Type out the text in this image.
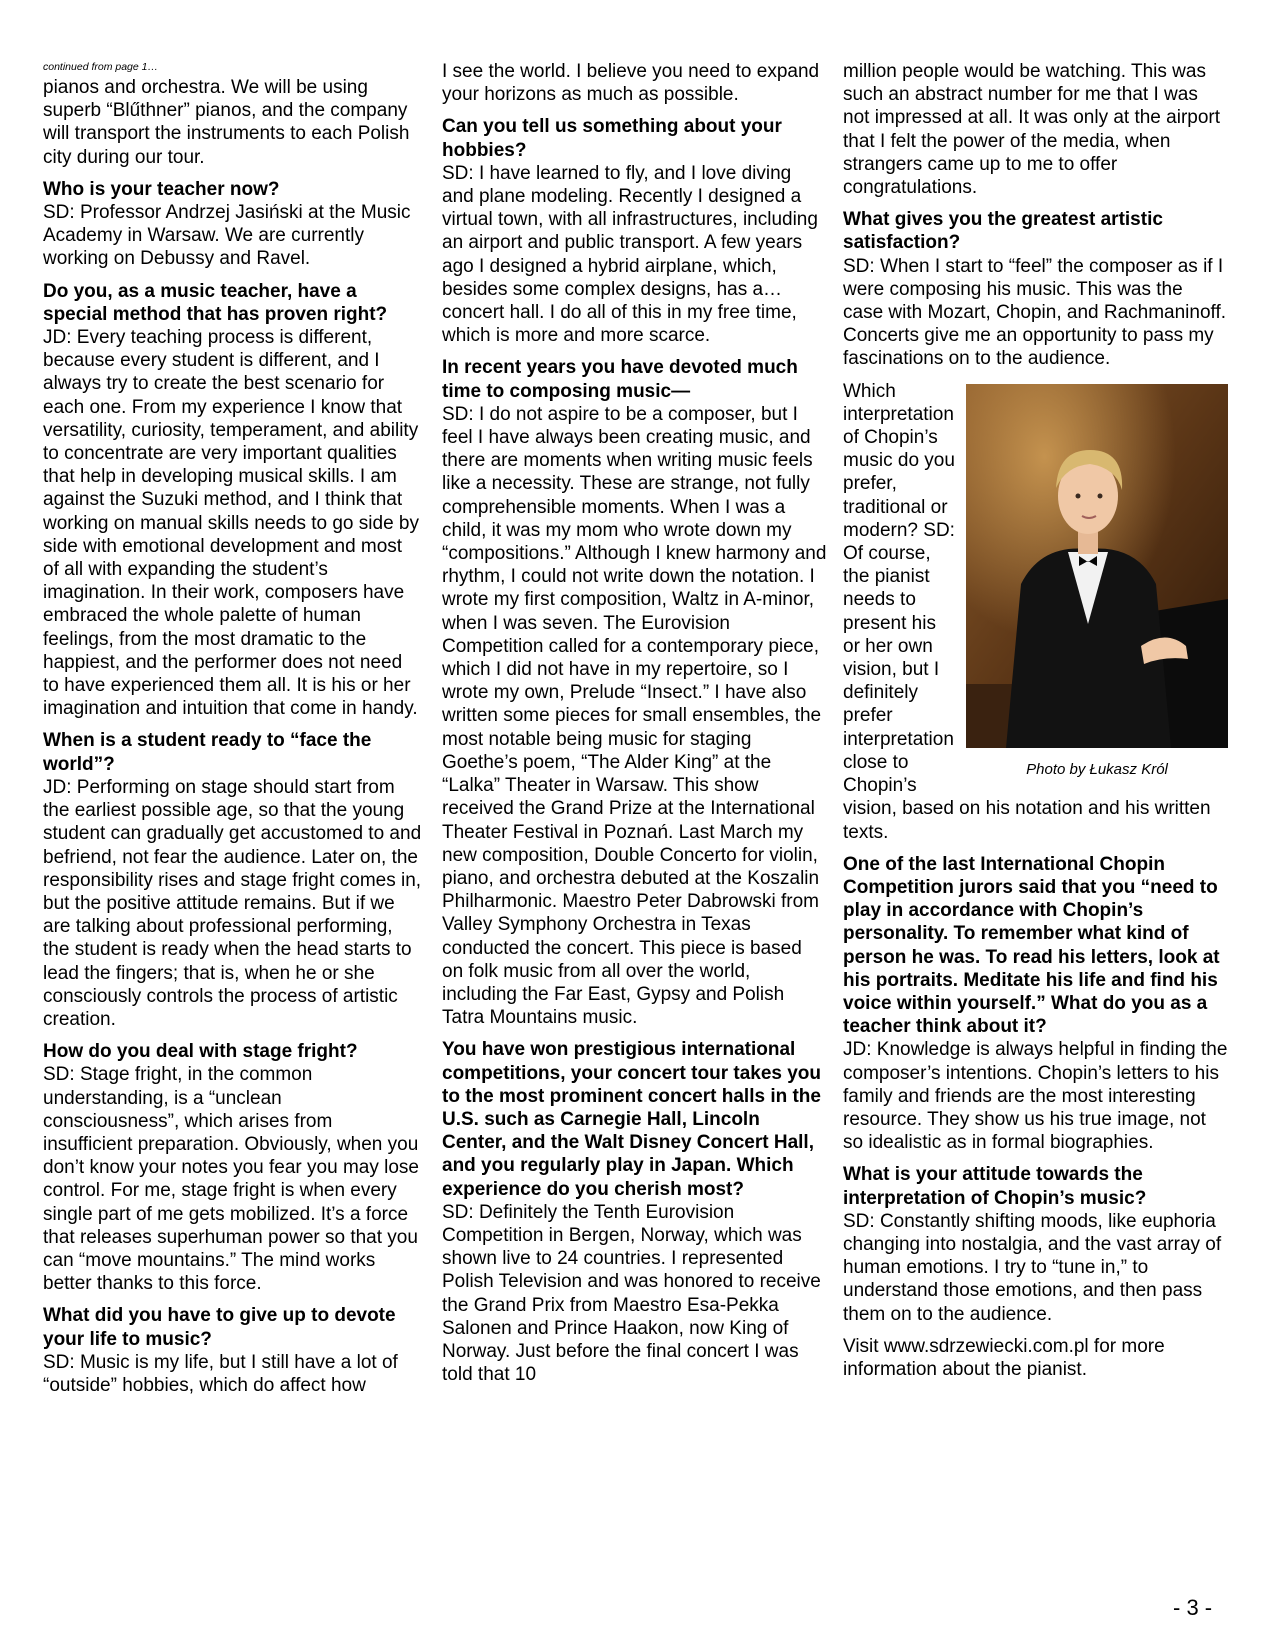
continued from page 1…
pianos and orchestra. We will be using superb “Blűthner” pianos, and the company will transport the instruments to each Polish city during our tour.
Who is your teacher now?
SD: Professor Andrzej Jasiński at the Music Academy in Warsaw. We are currently working on Debussy and Ravel.
Do you, as a music teacher, have a special method that has proven right?
JD: Every teaching process is different, because every student is different, and I always try to create the best scenario for each one. From my experience I know that versatility, curiosity, temperament, and ability to concentrate are very important qualities that help in developing musical skills. I am against the Suzuki method, and I think that working on manual skills needs to go side by side with emotional development and most of all with expanding the student’s imagination. In their work, composers have embraced the whole palette of human feelings, from the most dramatic to the happiest, and the performer does not need to have experienced them all. It is his or her imagination and intuition that come in handy.
When is a student ready to “face the world”?
JD: Performing on stage should start from the earliest possible age, so that the young student can gradually get accustomed to and befriend, not fear the audience. Later on, the responsibility rises and stage fright comes in, but the positive attitude remains. But if we are talking about professional performing, the student is ready when the head starts to lead the fingers; that is, when he or she consciously controls the process of artistic creation.
How do you deal with stage fright?
SD: Stage fright, in the common understanding, is a “unclean consciousness”, which arises from insufficient preparation. Obviously, when you don’t know your notes you fear you may lose control. For me, stage fright is when every single part of me gets mobilized. It’s a force that releases superhuman power so that you can “move mountains.” The mind works better thanks to this force.
What did you have to give up to devote your life to music?
SD: Music is my life, but I still have a lot of “outside” hobbies, which do affect how
I see the world. I believe you need to expand your horizons as much as possible.
Can you tell us something about your hobbies?
SD: I have learned to fly, and I love diving and plane modeling. Recently I designed a virtual town, with all infrastructures, including an airport and public transport. A few years ago I designed a hybrid airplane, which, besides some complex designs, has a… concert hall. I do all of this in my free time, which is more and more scarce.
In recent years you have devoted much time to composing music—
SD: I do not aspire to be a composer, but I feel I have always been creating music, and there are moments when writing music feels like a necessity. These are strange, not fully comprehensible moments. When I was a child, it was my mom who wrote down my “compositions.” Although I knew harmony and rhythm, I could not write down the notation. I wrote my first composition, Waltz in A-minor, when I was seven. The Eurovision Competition called for a contemporary piece, which I did not have in my repertoire, so I wrote my own, Prelude “Insect.” I have also written some pieces for small ensembles, the most notable being music for staging Goethe’s poem, “The Alder King” at the “Lalka” Theater in Warsaw. This show received the Grand Prize at the International Theater Festival in Poznań. Last March my new composition, Double Concerto for violin, piano, and orchestra debuted at the Koszalin Philharmonic. Maestro Peter Dabrowski from Valley Symphony Orchestra in Texas conducted the concert. This piece is based on folk music from all over the world, including the Far East, Gypsy and Polish Tatra Mountains music.
You have won prestigious international competitions, your concert tour takes you to the most prominent concert halls in the U.S. such as Carnegie Hall, Lincoln Center, and the Walt Disney Concert Hall, and you regularly play in Japan. Which experience do you cherish most?
SD: Definitely the Tenth Eurovision Competition in Bergen, Norway, which was shown live to 24 countries. I represented Polish Television and was honored to receive the Grand Prix from Maestro Esa-Pekka Salonen and Prince Haakon, now King of Norway. Just before the final concert I was told that 10
million people would be watching. This was such an abstract number for me that I was not impressed at all. It was only at the airport that I felt the power of the media, when strangers came up to me to offer congratulations.
What gives you the greatest artistic satisfaction?
SD: When I start to “feel” the composer as if I were composing his music. This was the case with Mozart, Chopin, and Rachmaninoff. Concerts give me an opportunity to pass my fascinations on to the audience.
Photo by Łukasz Król
Which interpretation of Chopin’s music do you prefer, traditional or modern? SD: Of course, the pianist needs to present his or her own vision, but I definitely prefer interpretation close to Chopin’s vision, based on his notation and his written texts.
One of the last International Chopin Competition jurors said that you “need to play in accordance with Chopin’s personality. To remember what kind of person he was. To read his letters, look at his portraits. Meditate his life and find his voice within yourself.” What do you as a teacher think about it?
JD: Knowledge is always helpful in finding the composer’s intentions. Chopin’s letters to his family and friends are the most interesting resource. They show us his true image, not so idealistic as in formal biographies.
What is your attitude towards the interpretation of Chopin’s music?
SD: Constantly shifting moods, like euphoria changing into nostalgia, and the vast array of human emotions. I try to “tune in,” to understand those emotions, and then pass them on to the audience.
Visit www.sdrzewiecki.com.pl for more information about the pianist.
- 3 -
